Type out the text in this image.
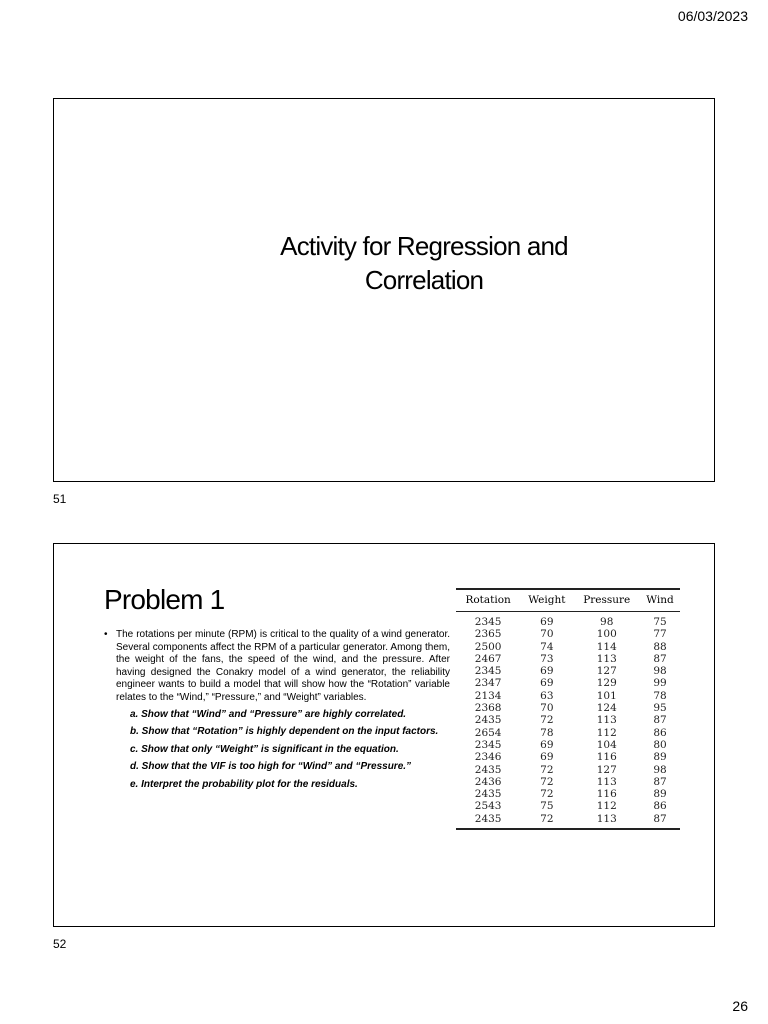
06/03/2023
Activity for Regression and
Correlation
51
Problem 1
• The rotations per minute (RPM) is critical to the quality of a wind generator. Several components affect the RPM of a particular generator. Among them, the weight of the fans, the speed of the wind, and the pressure. After having designed the Conakry model of a wind generator, the reliability engineer wants to build a model that will show how the “Rotation” variable relates to the “Wind,” “Pressure,” and “Weight” variables.
a. Show that “Wind” and “Pressure” are highly correlated.
b. Show that “Rotation” is highly dependent on the input factors.
c. Show that only “Weight” is significant in the equation.
d. Show that the VIF is too high for “Wind” and “Pressure.”
e. Interpret the probability plot for the residuals.
Rotation	Weight	Pressure	Wind
2345	69	98	75
2365	70	100	77
2500	74	114	88
2467	73	113	87
2345	69	127	98
2347	69	129	99
2134	63	101	78
2368	70	124	95
2435	72	113	87
2654	78	112	86
2345	69	104	80
2346	69	116	89
2435	72	127	98
2436	72	113	87
2435	72	116	89
2543	75	112	86
2435	72	113	87
52
26
